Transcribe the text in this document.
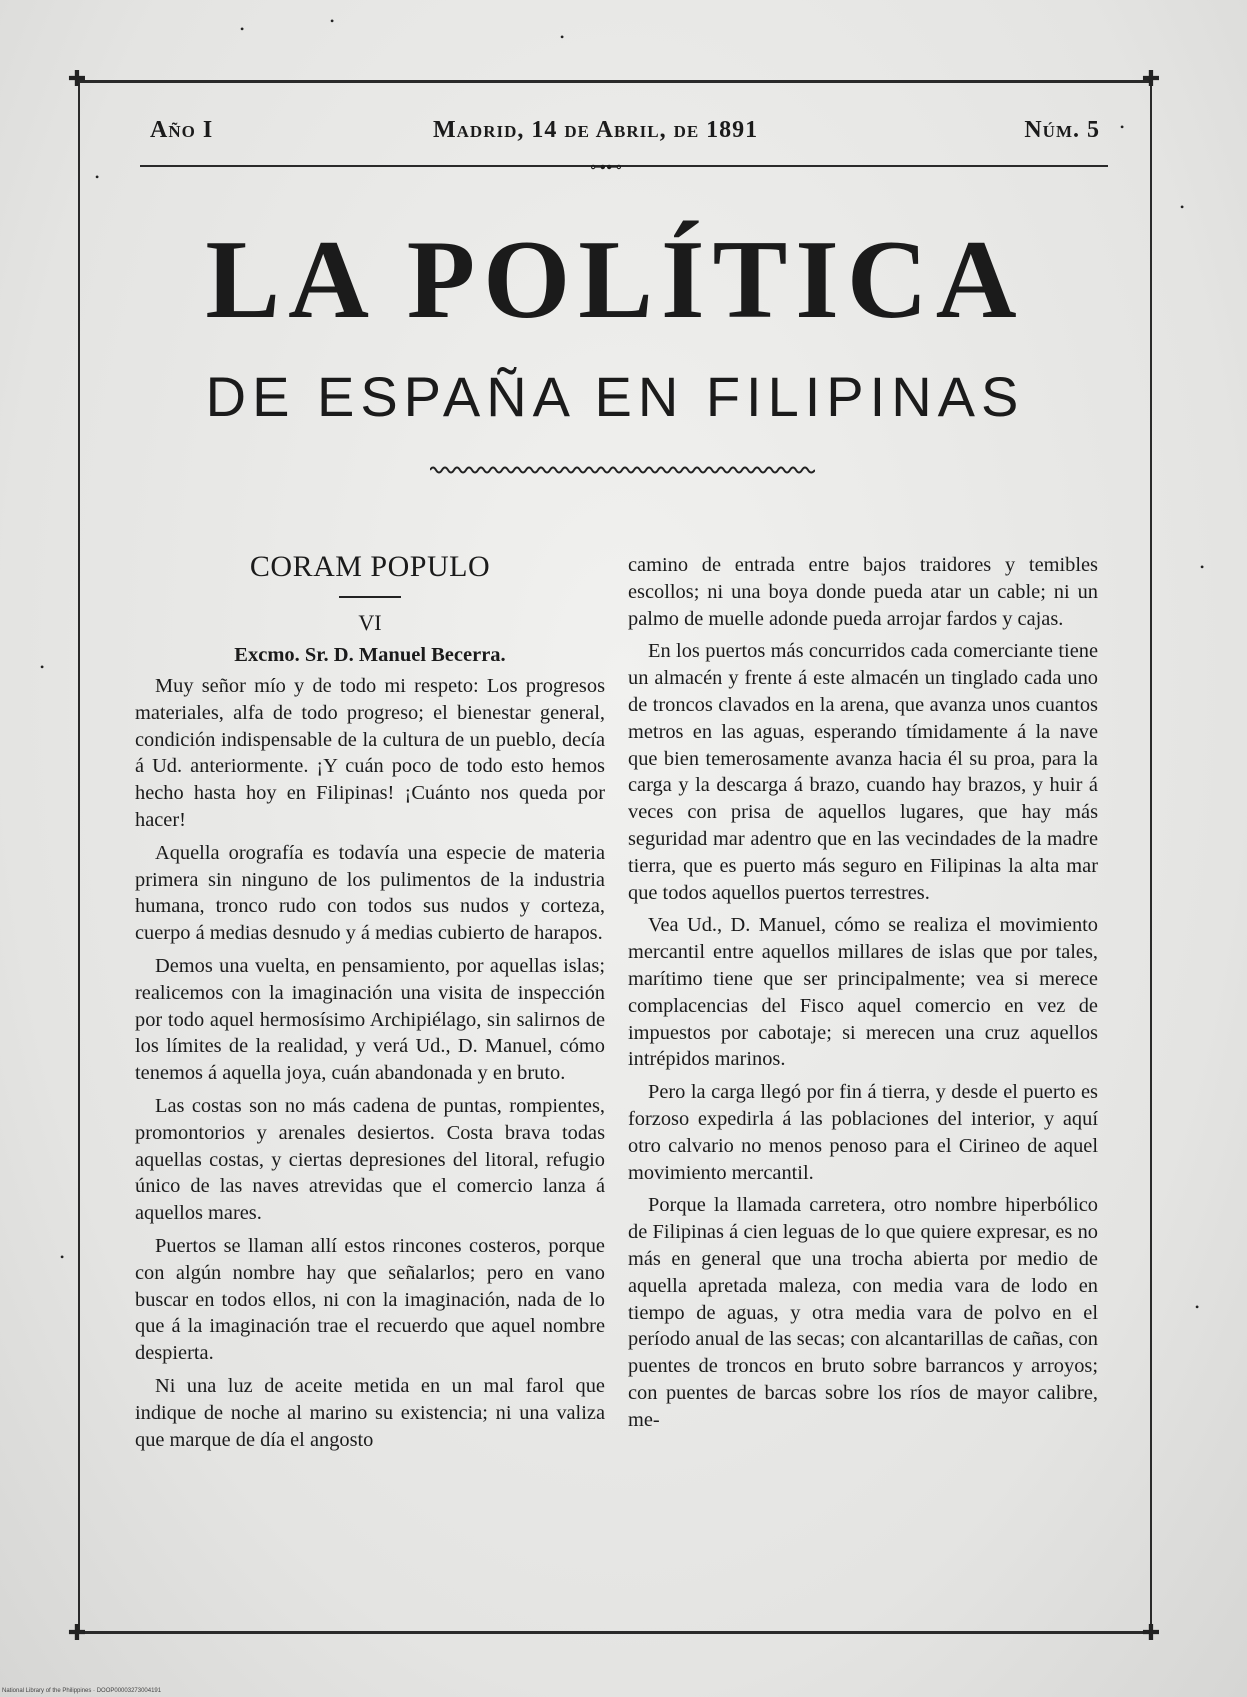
✚	✚
✚	✚
Año I	Madrid, 14 de Abril, de 1891	Núm. 5
⊶⊷
LA POLÍTICA
DE ESPAÑA EN FILIPINAS
CORAM POPULO
VI
Excmo. Sr. D. Manuel Becerra.

Muy señor mío y de todo mi respeto: Los progresos materiales, alfa de todo progreso; el bienestar general, condición indispensable de la cultura de un pueblo, decía á Ud. anteriormente. ¡Y cuán poco de todo esto hemos hecho hasta hoy en Filipinas! ¡Cuánto nos queda por hacer!

Aquella orografía es todavía una especie de materia primera sin ninguno de los pulimentos de la industria humana, tronco rudo con todos sus nudos y corteza, cuerpo á medias desnudo y á medias cubierto de harapos.

Demos una vuelta, en pensamiento, por aquellas islas; realicemos con la imaginación una visita de inspección por todo aquel hermosísimo Archipiélago, sin salirnos de los límites de la realidad, y verá Ud., D. Manuel, cómo tenemos á aquella joya, cuán abandonada y en bruto.

Las costas son no más cadena de puntas, rompientes, promontorios y arenales desiertos. Costa brava todas aquellas costas, y ciertas depresiones del litoral, refugio único de las naves atrevidas que el comercio lanza á aquellos mares.

Puertos se llaman allí estos rincones costeros, porque con algún nombre hay que señalarlos; pero en vano buscar en todos ellos, ni con la imaginación, nada de lo que á la imaginación trae el recuerdo que aquel nombre despierta.

Ni una luz de aceite metida en un mal farol que indique de noche al marino su existencia; ni una valiza que marque de día el angosto

camino de entrada entre bajos traidores y temibles escollos; ni una boya donde pueda atar un cable; ni un palmo de muelle adonde pueda arrojar fardos y cajas.

En los puertos más concurridos cada comerciante tiene un almacén y frente á este almacén un tinglado cada uno de troncos clavados en la arena, que avanza unos cuantos metros en las aguas, esperando tímidamente á la nave que bien temerosamente avanza hacia él su proa, para la carga y la descarga á brazo, cuando hay brazos, y huir á veces con prisa de aquellos lugares, que hay más seguridad mar adentro que en las vecindades de la madre tierra, que es puerto más seguro en Filipinas la alta mar que todos aquellos puertos terrestres.

Vea Ud., D. Manuel, cómo se realiza el movimiento mercantil entre aquellos millares de islas que por tales, marítimo tiene que ser principalmente; vea si merece complacencias del Fisco aquel comercio en vez de impuestos por cabotaje; si merecen una cruz aquellos intrépidos marinos.

Pero la carga llegó por fin á tierra, y desde el puerto es forzoso expedirla á las poblaciones del interior, y aquí otro calvario no menos penoso para el Cirineo de aquel movimiento mercantil.

Porque la llamada carretera, otro nombre hiperbólico de Filipinas á cien leguas de lo que quiere expresar, es no más en general que una trocha abierta por medio de aquella apretada maleza, con media vara de lodo en tiempo de aguas, y otra media vara de polvo en el período anual de las secas; con alcantarillas de cañas, con puentes de troncos en bruto sobre barrancos y arroyos; con puentes de barcas sobre los ríos de mayor calibre, me-

National Library of the Philippines · DOOP00003273004191
•
•
•
•
•
•
•
•
•
•
